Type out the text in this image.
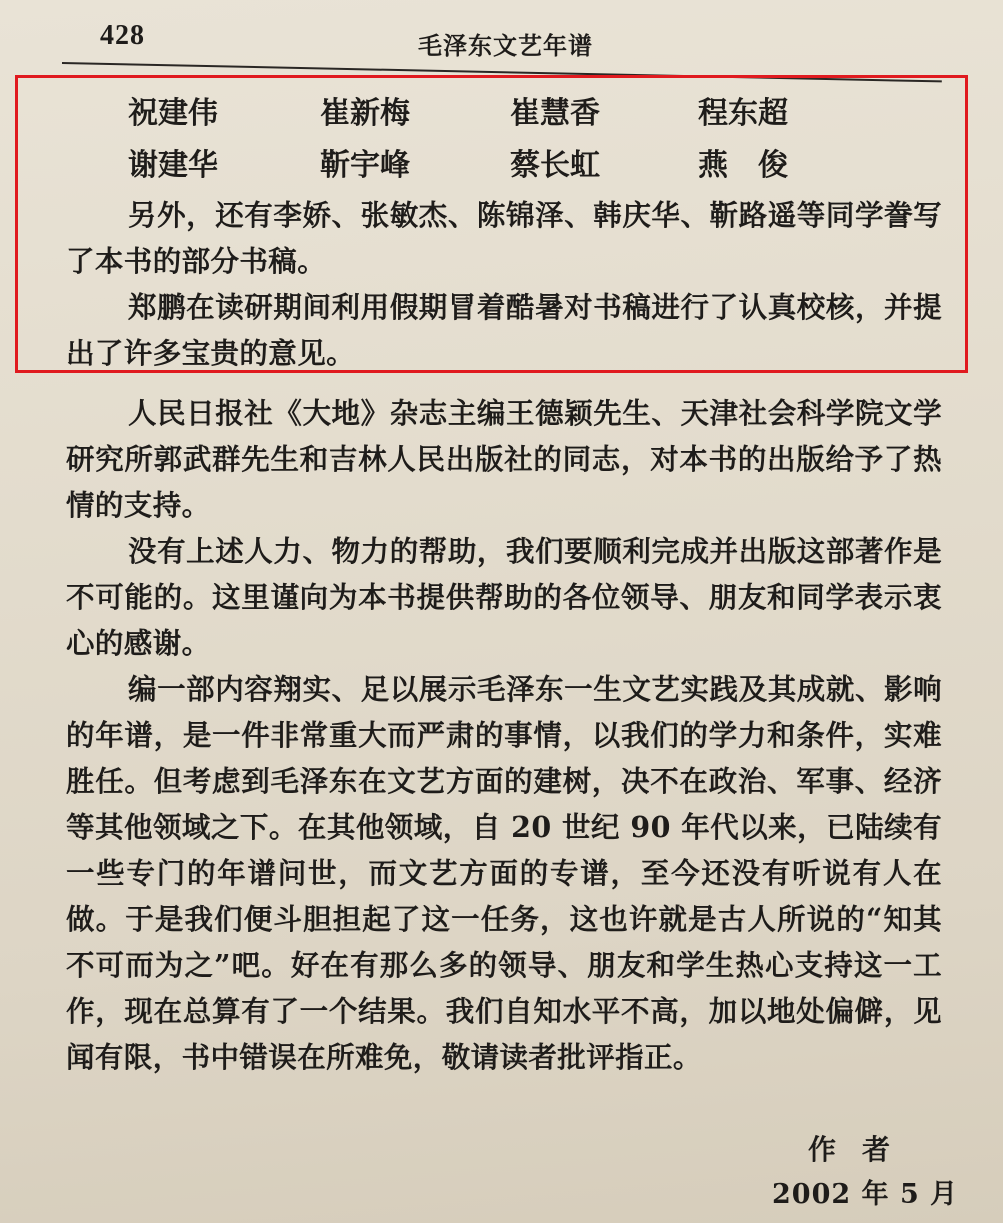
428	毛泽东文艺年谱
祝建伟	崔新梅	崔慧香	程东超
谢建华	靳宇峰	蔡长虹	燕　俊

另外，还有李娇、张敏杰、陈锦泽、韩庆华、靳路遥等同学誊写了本书的部分书稿。

郑鹏在读研期间利用假期冒着酷暑对书稿进行了认真校核，并提出了许多宝贵的意见。

人民日报社《大地》杂志主编王德颖先生、天津社会科学院文学研究所郭武群先生和吉林人民出版社的同志，对本书的出版给予了热情的支持。

没有上述人力、物力的帮助，我们要顺利完成并出版这部著作是不可能的。这里谨向为本书提供帮助的各位领导、朋友和同学表示衷心的感谢。

编一部内容翔实、足以展示毛泽东一生文艺实践及其成就、影响的年谱，是一件非常重大而严肃的事情，以我们的学力和条件，实难胜任。但考虑到毛泽东在文艺方面的建树，决不在政治、军事、经济等其他领域之下。在其他领域，自 20 世纪 90 年代以来，已陆续有一些专门的年谱问世，而文艺方面的专谱，至今还没有听说有人在做。于是我们便斗胆担起了这一任务，这也许就是古人所说的“知其不可而为之”吧。好在有那么多的领导、朋友和学生热心支持这一工作，现在总算有了一个结果。我们自知水平不高，加以地处偏僻，见闻有限，书中错误在所难免，敬请读者批评指正。

作者
2002 年 5 月
